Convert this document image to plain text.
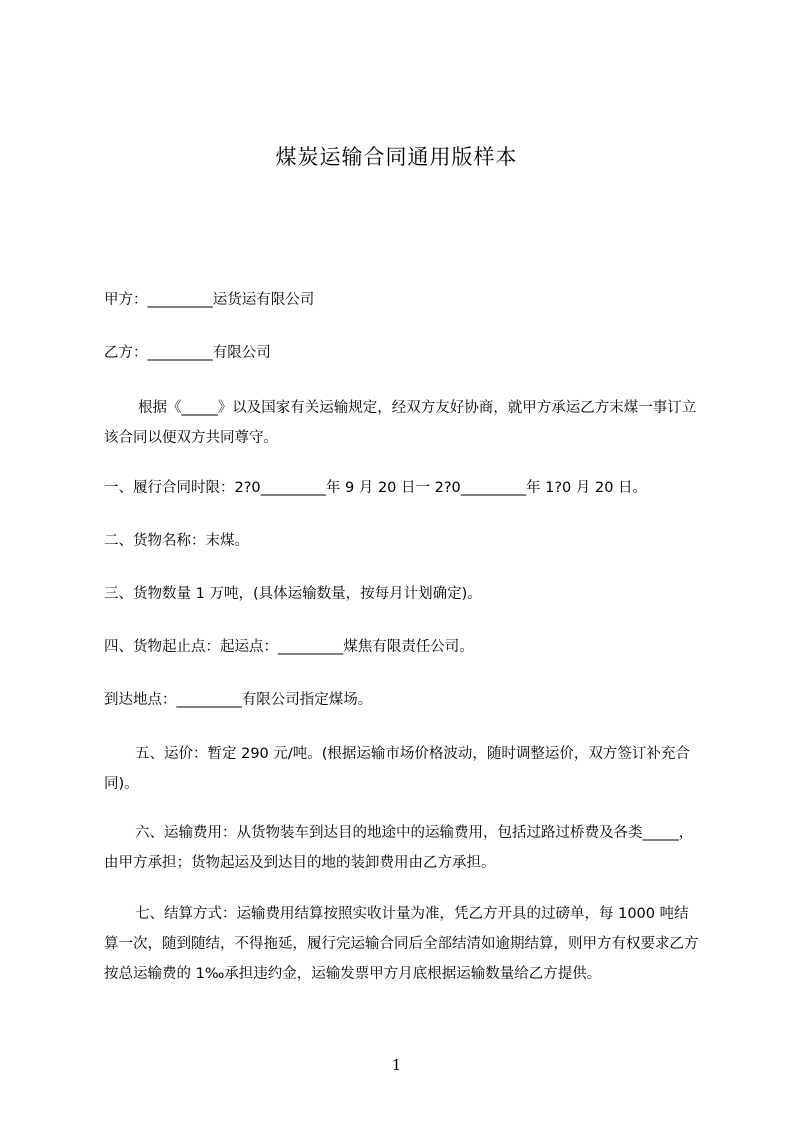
煤炭运输合同通用版样本

甲方：_________运货运有限公司

乙方：_________有限公司

根据《_____》以及国家有关运输规定，经双方友好协商，就甲方承运乙方末煤一事订立该合同以便双方共同尊守。

一、履行合同时限：2?0_________年 9 月 20 日一 2?0_________年 1?0 月 20 日。

二、货物名称：末煤。

三、货物数量 1 万吨，(具体运输数量，按每月计划确定)。

四、货物起止点：起运点：_________煤焦有限责任公司。

到达地点：_________有限公司指定煤场。

五、运价：暂定 290 元/吨。(根据运输市场价格波动，随时调整运价，双方签订补充合同)。

六、运输费用：从货物装车到达目的地途中的运输费用，包括过路过桥费及各类_____，由甲方承担；货物起运及到达目的地的装卸费用由乙方承担。

七、结算方式：运输费用结算按照实收计量为准，凭乙方开具的过磅单，每 1000 吨结算一次，随到随结，不得拖延，履行完运输合同后全部结清如逾期结算，则甲方有权要求乙方按总运输费的 1‰承担违约金，运输发票甲方月底根据运输数量给乙方提供。

1
